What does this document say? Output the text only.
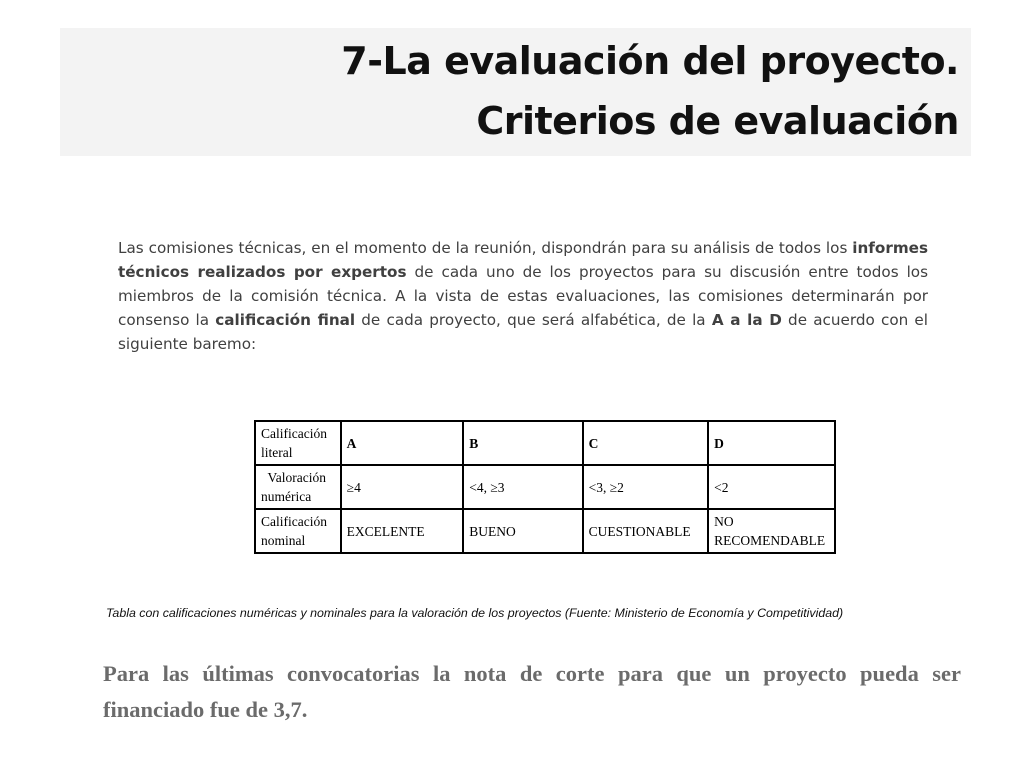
7-La evaluación del proyecto.
Criterios de evaluación
Las comisiones técnicas, en el momento de la reunión, dispondrán para su análisis de todos los informes técnicos realizados por expertos de cada uno de los proyectos para su discusión entre todos los miembros de la comisión técnica. A la vista de estas evaluaciones, las comisiones determinarán por consenso la calificación final de cada proyecto, que será alfabética, de la A a la D de acuerdo con el siguiente baremo:
Calificación
literal	A	B	C	D
Valoración
numérica	≥4	<4, ≥3	<3, ≥2	<2
Calificación
nominal	EXCELENTE	BUENO	CUESTIONABLE	NO
RECOMENDABLE
Tabla con calificaciones numéricas y nominales para la valoración de los proyectos (Fuente: Ministerio de Economía y Competitividad)
Para las últimas convocatorias la nota de corte para que un proyecto pueda ser financiado fue de 3,7.
